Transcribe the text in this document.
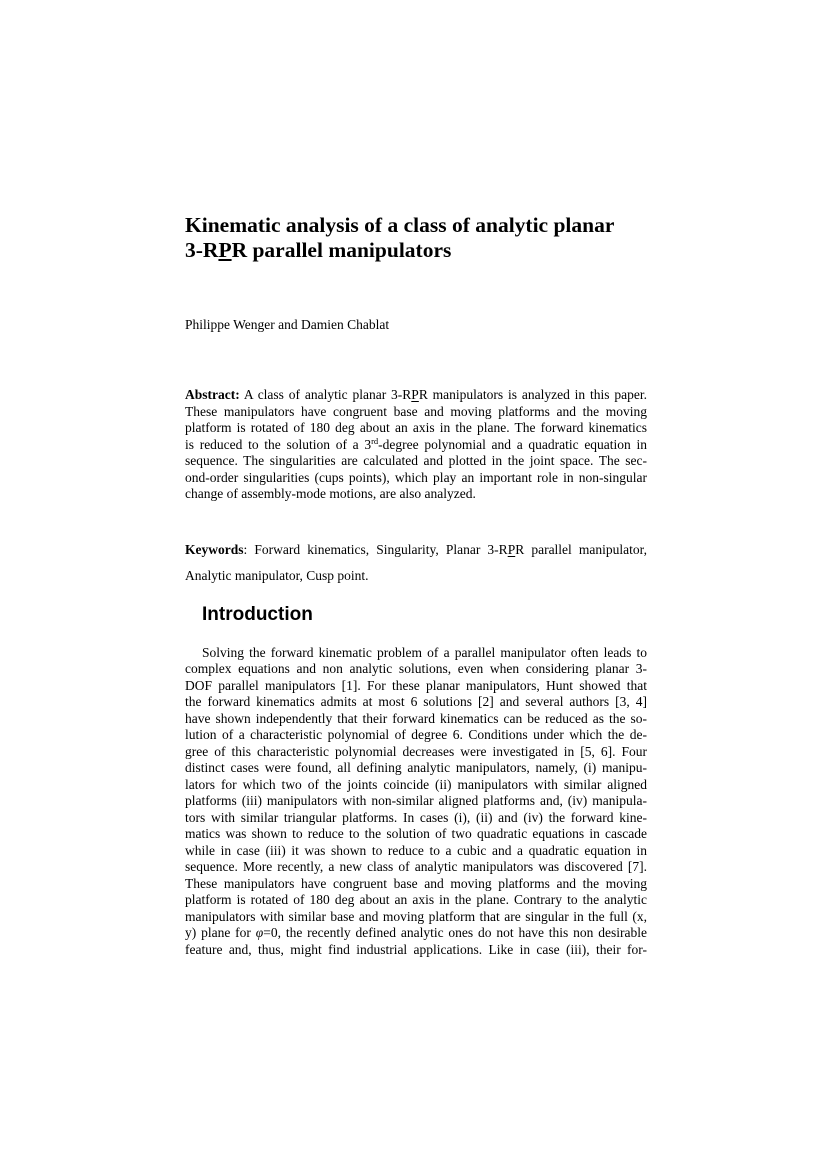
Kinematic analysis of a class of analytic planar
3-RPR parallel manipulators
Philippe Wenger and Damien Chablat
Abstract: A class of analytic planar 3-RPR manipulators is analyzed in this paper.
These manipulators have congruent base and moving platforms and the moving
platform is rotated of 180 deg about an axis in the plane. The forward kinematics
is reduced to the solution of a 3rd-degree polynomial and a quadratic equation in
sequence. The singularities are calculated and plotted in the joint space. The sec-
ond-order singularities (cups points), which play an important role in non-singular
change of assembly-mode motions, are also analyzed.
Keywords: Forward kinematics, Singularity, Planar 3-RPR parallel manipulator,
Analytic manipulator, Cusp point.
Introduction
Solving the forward kinematic problem of a parallel manipulator often leads to
complex equations and non analytic solutions, even when considering planar 3-
DOF parallel manipulators [1]. For these planar manipulators, Hunt showed that
the forward kinematics admits at most 6 solutions [2] and several authors [3, 4]
have shown independently that their forward kinematics can be reduced as the so-
lution of a characteristic polynomial of degree 6. Conditions under which the de-
gree of this characteristic polynomial decreases were investigated in [5, 6]. Four
distinct cases were found, all defining analytic manipulators, namely, (i) manipu-
lators for which two of the joints coincide (ii) manipulators with similar aligned
platforms (iii) manipulators with non-similar aligned platforms and, (iv) manipula-
tors with similar triangular platforms. In cases (i), (ii) and (iv) the forward kine-
matics was shown to reduce to the solution of two quadratic equations in cascade
while in case (iii) it was shown to reduce to a cubic and a quadratic equation in
sequence. More recently, a new class of analytic manipulators was discovered [7].
These manipulators have congruent base and moving platforms and the moving
platform is rotated of 180 deg about an axis in the plane. Contrary to the analytic
manipulators with similar base and moving platform that are singular in the full (x,
y) plane for φ=0, the recently defined analytic ones do not have this non desirable
feature and, thus, might find industrial applications. Like in case (iii), their for-
